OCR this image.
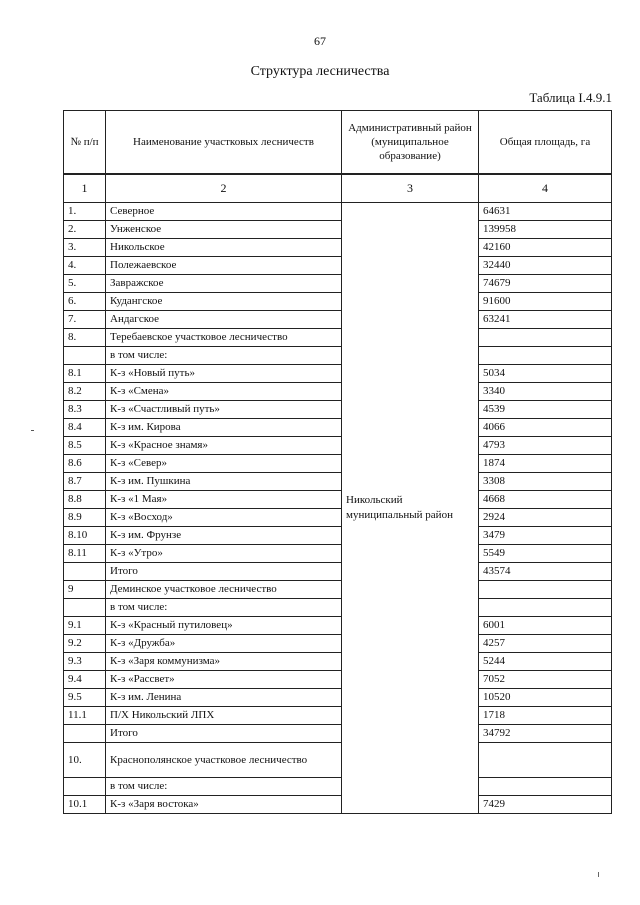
67
Структура лесничества
Таблица I.4.9.1
№ п/п	Наименование участковых лесничеств	Административный район (муниципальное образование)	Общая площадь, га
1	2	3	4
1.	Северное	Никольский муниципальный район	64631
2.	Унженское		139958
3.	Никольское		42160
4.	Полежаевское		32440
5.	Завражское		74679
6.	Кудангское		91600
7.	Андагское		63241
8.	Теребаевское участковое лесничество		
	в том числе:		
8.1	К-з «Новый путь»		5034
8.2	К-з «Смена»		3340
8.3	К-з «Счастливый путь»		4539
8.4	К-з им. Кирова		4066
8.5	К-з «Красное знамя»		4793
8.6	К-з «Север»		1874
8.7	К-з им. Пушкина		3308
8.8	К-з «1 Мая»		4668
8.9	К-з «Восход»		2924
8.10	К-з им. Фрунзе		3479
8.11	К-з «Утро»		5549
	Итого		43574
9	Деминское участковое лесничество		
	в том числе:		
9.1	К-з «Красный путиловец»		6001
9.2	К-з «Дружба»		4257
9.3	К-з «Заря коммунизма»		5244
9.4	К-з «Рассвет»		7052
9.5	К-з им. Ленина		10520
11.1	П/Х Никольский ЛПХ		1718
	Итого		34792
10.	Краснополянское участковое лесничество		
	в том числе:		
10.1	К-з «Заря востока»		7429
